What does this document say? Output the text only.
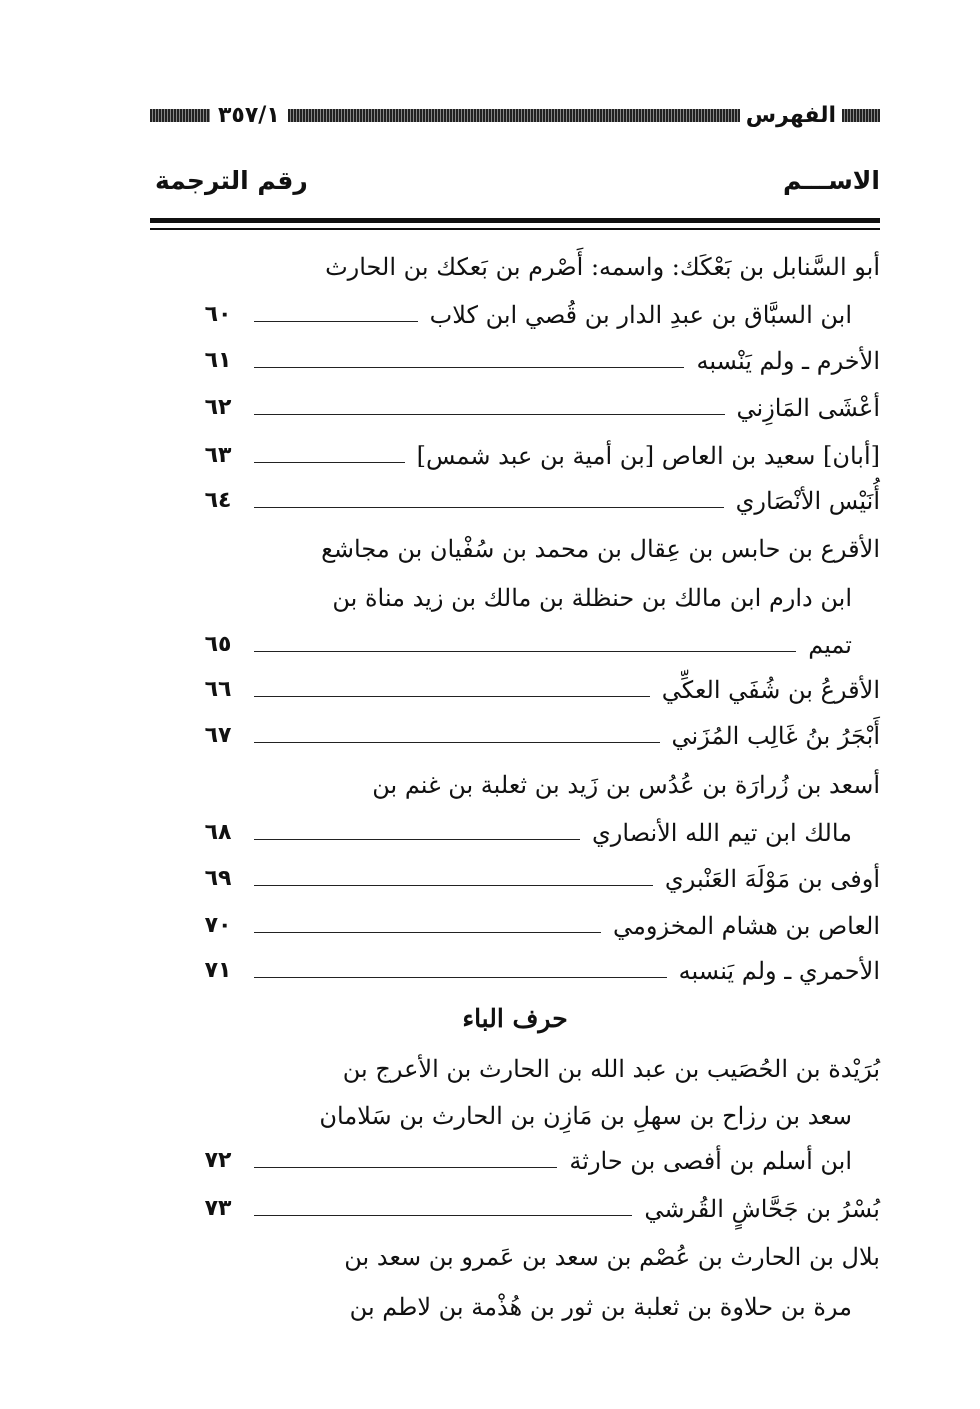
الفهرس
٣٥٧/١
الاســـم
رقم الترجمة
أبو السَّنابل بن بَعْكَك: واسمه: أَصْرم بن بَعكك بن الحارث
ابن السبَّاق بن عبدِ الدار بن قُصي ابن كلاب
٦٠
الأخرم ـ ولم يَنْسبه
٦١
أعْشَى المَازِني
٦٢
[أبان] سعيد بن العاص [بن أمية بن عبد شمس]
٦٣
أُنَيْس الأنْصَاري
٦٤
الأقرع بن حابس بن عِقال بن محمد بن سُفْيان بن مجاشع
ابن دارم ابن مالك بن حنظلة بن مالك بن زيد مناة بن
تميم
٦٥
الأقرعُ بن شُفَي العكِّي
٦٦
أَبْجَرُ بنُ غَالِب المُزَني
٦٧
أسعد بن زُرارَة بن عُدُس بن زَيد بن ثعلبة بن غنم بن
مالك ابن تيم الله الأنصاري
٦٨
أوفى بن مَوْلَهَ العَنْبري
٦٩
العاص بن هشام المخزومي
٧٠
الأحمري ـ ولم يَنسبه
٧١
حرف الباء
بُرَيْدة بن الحُصَيب بن عبد الله بن الحارث بن الأعرج بن
سعد بن رزاح بن سهلِ بن مَازِن بن الحارث بن سَلامان
ابن أسلم بن أفصى بن حارثة
٧٢
بُسْرُ بن جَحَّاشٍ القُرشي
٧٣
بلال بن الحارث بن عُصْم بن سعد بن عَمرو بن سعد بن
مرة بن حلاوة بن ثعلبة بن ثور بن هُذْمة بن لاطم بن
